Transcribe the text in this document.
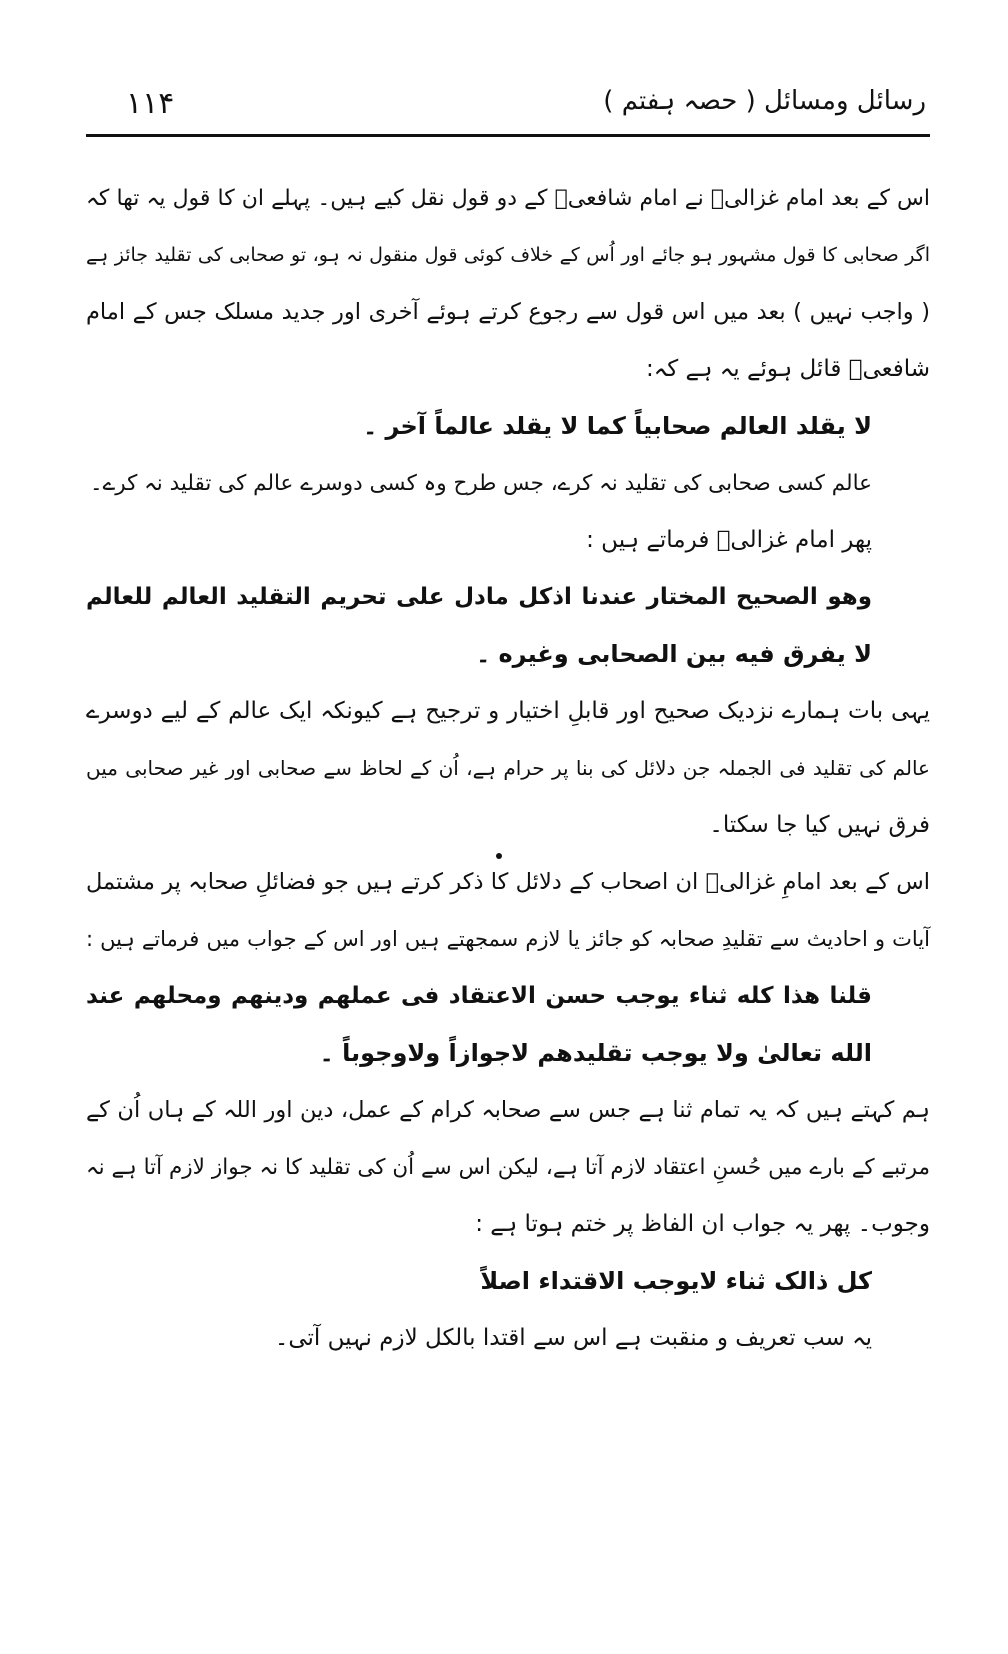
۱۱۴	رسائل ومسائل ( حصہ ہفتم )
اس کے بعد امام غزالیؒ نے امام شافعیؒ کے دو قول نقل کیے ہیں۔ پہلے ان کا قول یہ تھا کہ
اگر صحابی کا قول مشہور ہو جائے اور اُس کے خلاف کوئی قول منقول نہ ہو، تو صحابی کی تقلید جائز ہے
( واجب نہیں ) بعد میں اس قول سے رجوع کرتے ہوئے آخری اور جدید مسلک جس کے امام
شافعیؒ قائل ہوئے یہ ہے کہ:
لا یقلد العالم صحابیاً کما لا یقلد عالماً آخر ۔
عالم کسی صحابی کی تقلید نہ کرے، جس طرح وہ کسی دوسرے عالم کی تقلید نہ کرے۔
پھر امام غزالیؒ فرماتے ہیں :
وھو الصحیح المختار عندنا اذکل مادل علی تحریم التقلید العالم للعالم
لا یفرق فیه بین الصحابی وغیره ۔
یہی بات ہمارے نزدیک صحیح اور قابلِ اختیار و ترجیح ہے کیونکہ ایک عالم کے لیے دوسرے
عالم کی تقلید فی الجملہ جن دلائل کی بنا پر حرام ہے، اُن کے لحاظ سے صحابی اور غیر صحابی میں
فرق نہیں کیا جا سکتا۔
اس کے بعد امامِ غزالیؒ ان اصحاب کے دلائل کا ذکر کرتے ہیں جو فضائلِ صحابہ پر مشتمل
آیات و احادیث سے تقلیدِ صحابہ کو جائز یا لازم سمجھتے ہیں اور اس کے جواب میں فرماتے ہیں :
قلنا ھذا کله ثناء یوجب حسن الاعتقاد فی عملھم ودینھم ومحلھم عند
الله تعالیٰ ولا یوجب تقلیدھم لاجوازاً ولاوجوباً ۔
ہم کہتے ہیں کہ یہ تمام ثنا ہے جس سے صحابہ کرام کے عمل، دین اور اللہ کے ہاں اُن کے
مرتبے کے بارے میں حُسنِ اعتقاد لازم آتا ہے، لیکن اس سے اُن کی تقلید کا نہ جواز لازم آتا ہے نہ
وجوب۔ پھر یہ جواب ان الفاظ پر ختم ہوتا ہے :
کل ذالک ثناء لایوجب الاقتداء اصلاً
یہ سب تعریف و منقبت ہے اس سے اقتدا بالکل لازم نہیں آتی۔
